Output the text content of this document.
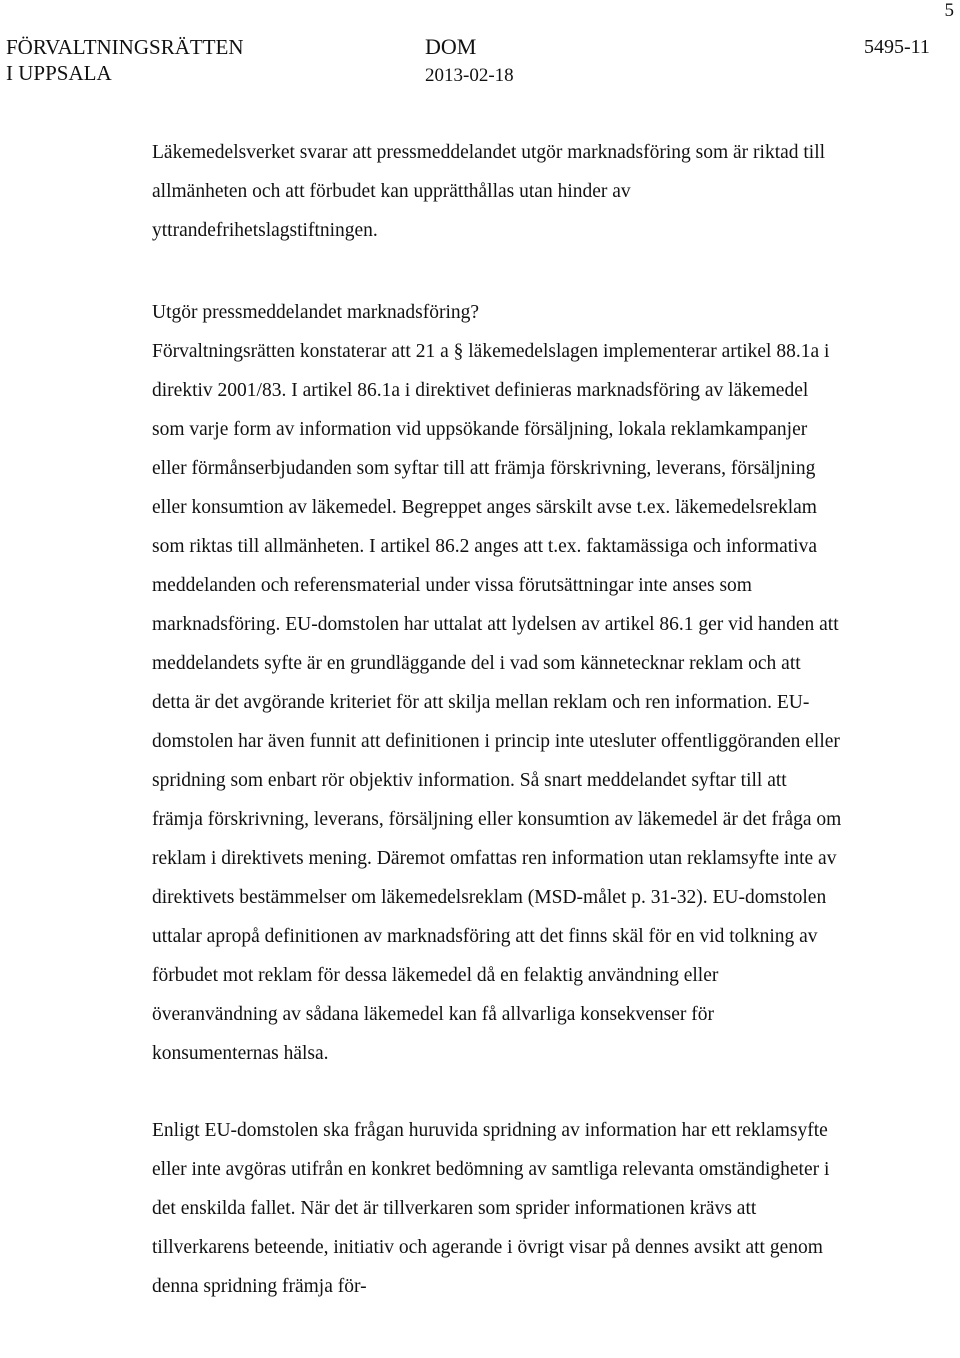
5
FÖRVALTNINGSRÄTTEN
I UPPSALA
DOM
2013-02-18
5495-11

Läkemedelsverket svarar att pressmeddelandet utgör marknadsföring som är riktad till allmänheten och att förbudet kan upprätthållas utan hinder av yttrandefrihetslagstiftningen.

Utgör pressmeddelandet marknadsföring?

Förvaltningsrätten konstaterar att 21 a § läkemedelslagen implementerar artikel 88.1a i direktiv 2001/83. I artikel 86.1a i direktivet definieras marknadsföring av läkemedel som varje form av information vid uppsökande försäljning, lokala reklamkampanjer eller förmånserbjudanden som syftar till att främja förskrivning, leverans, försäljning eller konsumtion av läkemedel. Begreppet anges särskilt avse t.ex. läkemedelsreklam som riktas till allmänheten. I artikel 86.2 anges att t.ex. faktamässiga och informativa meddelanden och referensmaterial under vissa förutsättningar inte anses som marknadsföring. EU-domstolen har uttalat att lydelsen av artikel 86.1 ger vid handen att meddelandets syfte är en grundläggande del i vad som kännetecknar reklam och att detta är det avgörande kriteriet för att skilja mellan reklam och ren information. EU-domstolen har även funnit att definitionen i princip inte utesluter offentliggöranden eller spridning som enbart rör objektiv information. Så snart meddelandet syftar till att främja förskrivning, leverans, försäljning eller konsumtion av läkemedel är det fråga om reklam i direktivets mening. Däremot omfattas ren information utan reklamsyfte inte av direktivets bestämmelser om läkemedelsreklam (MSD-målet p. 31-32). EU-domstolen uttalar apropå definitionen av marknadsföring att det finns skäl för en vid tolkning av förbudet mot reklam för dessa läkemedel då en felaktig användning eller överanvändning av sådana läkemedel kan få allvarliga konsekvenser för konsumenternas hälsa.

Enligt EU-domstolen ska frågan huruvida spridning av information har ett reklamsyfte eller inte avgöras utifrån en konkret bedömning av samtliga relevanta omständigheter i det enskilda fallet. När det är tillverkaren som sprider informationen krävs att tillverkarens beteende, initiativ och agerande i övrigt visar på dennes avsikt att genom denna spridning främja för-
